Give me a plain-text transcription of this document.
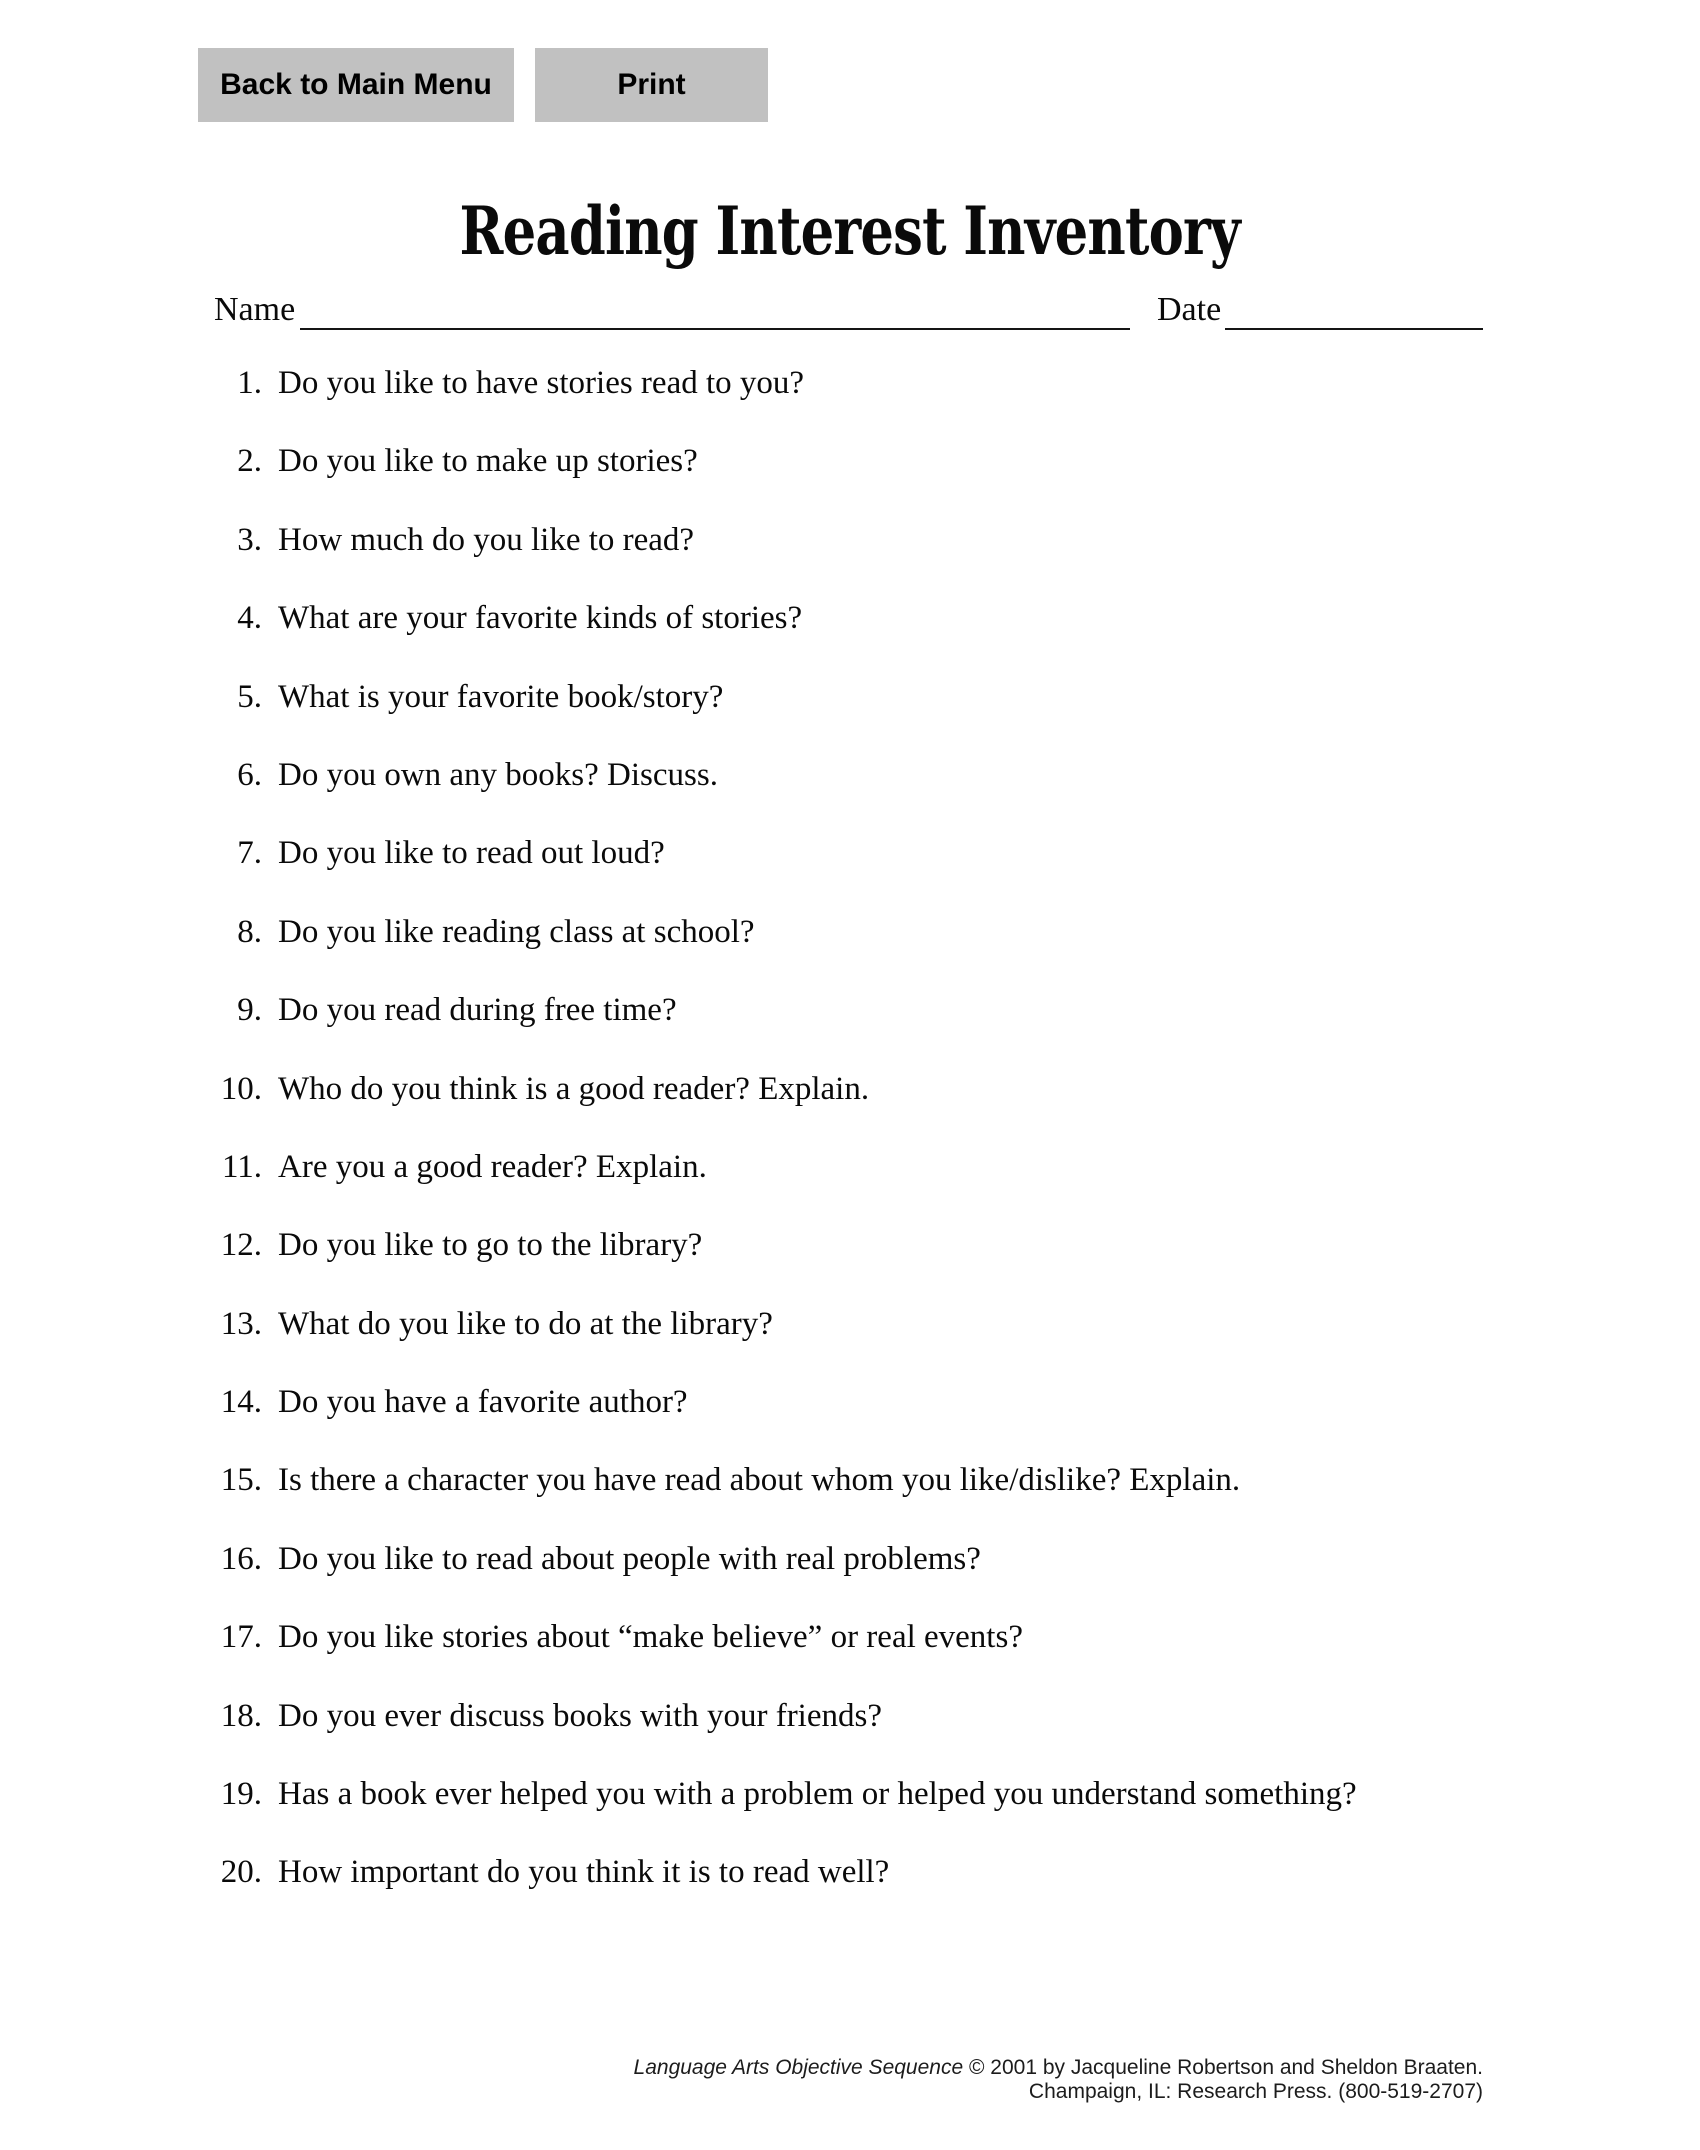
Back to Main Menu	Print
Reading Interest Inventory
Name	Date
1. Do you like to have stories read to you?
2. Do you like to make up stories?
3. How much do you like to read?
4. What are your favorite kinds of stories?
5. What is your favorite book/story?
6. Do you own any books? Discuss.
7. Do you like to read out loud?
8. Do you like reading class at school?
9. Do you read during free time?
10. Who do you think is a good reader? Explain.
11. Are you a good reader? Explain.
12. Do you like to go to the library?
13. What do you like to do at the library?
14. Do you have a favorite author?
15. Is there a character you have read about whom you like/dislike? Explain.
16. Do you like to read about people with real problems?
17. Do you like stories about “make believe” or real events?
18. Do you ever discuss books with your friends?
19. Has a book ever helped you with a problem or helped you understand something?
20. How important do you think it is to read well?
Language Arts Objective Sequence © 2001 by Jacqueline Robertson and Sheldon Braaten.
Champaign, IL: Research Press. (800-519-2707)
